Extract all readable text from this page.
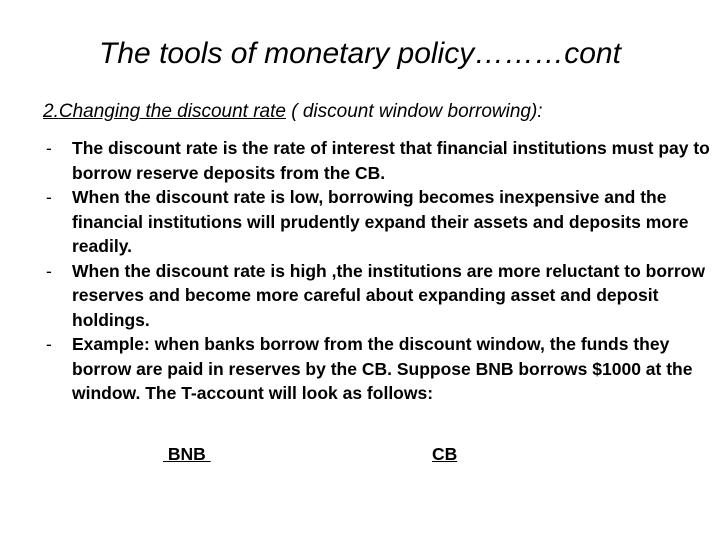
The tools of monetary policy………cont
2.Changing the discount rate ( discount window borrowing):
- The discount rate is the rate of interest that financial institutions must pay to borrow reserve deposits from the CB.
- When the discount rate is low, borrowing becomes inexpensive and the financial institutions will prudently expand their assets and deposits more readily.
- When the discount rate is high ,the institutions are more reluctant to borrow reserves and become more careful about expanding asset and deposit holdings.
- Example: when banks borrow from the discount window, the funds they borrow are paid in reserves by the CB. Suppose BNB borrows $1000 at the window. The T-account will look as follows:
BNB	CB
